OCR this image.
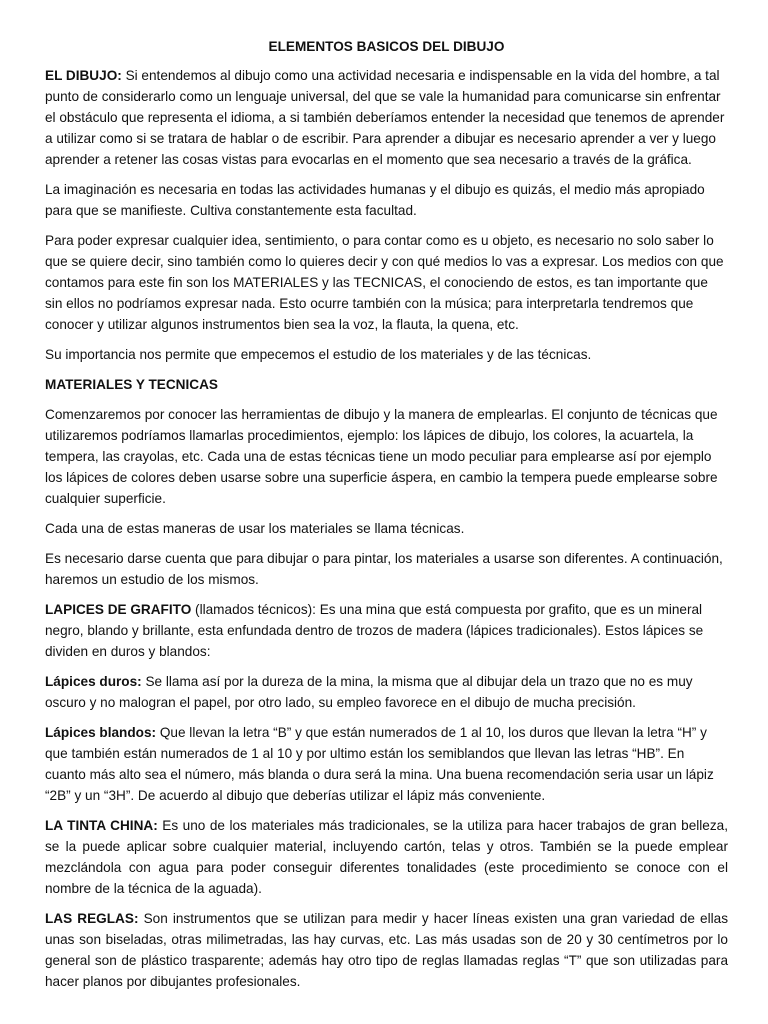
ELEMENTOS BASICOS DEL DIBUJO

EL DIBUJO: Si entendemos al dibujo como una actividad necesaria e indispensable en la vida del hombre, a tal punto de considerarlo como un lenguaje universal, del que se vale la humanidad para comunicarse sin enfrentar el obstáculo que representa el idioma, a si también deberíamos entender la necesidad que tenemos de aprender a utilizar como si se tratara de hablar o de escribir. Para aprender a dibujar es necesario aprender a ver y luego aprender a retener las cosas vistas para evocarlas en el momento que sea necesario a través de la gráfica.

La imaginación es necesaria en todas las actividades humanas y el dibujo es quizás, el medio más apropiado para que se manifieste. Cultiva constantemente esta facultad.

Para poder expresar cualquier idea, sentimiento, o para contar como es u objeto, es necesario no solo saber lo que se quiere decir, sino también como lo quieres decir y con qué medios lo vas a expresar. Los medios con que contamos para este fin son los MATERIALES y las TECNICAS, el conociendo de estos, es tan importante que sin ellos no podríamos expresar nada. Esto ocurre también con la música; para interpretarla tendremos que conocer y utilizar algunos instrumentos bien sea la voz, la flauta, la quena, etc.

Su importancia nos permite que empecemos el estudio de los materiales y de las técnicas.

MATERIALES Y TECNICAS

Comenzaremos por conocer las herramientas de dibujo y la manera de emplearlas. El conjunto de técnicas que utilizaremos podríamos llamarlas procedimientos, ejemplo: los lápices de dibujo, los colores, la acuartela, la tempera, las crayolas, etc. Cada una de estas técnicas tiene un modo peculiar para emplearse así por ejemplo los lápices de colores deben usarse sobre una superficie áspera, en cambio la tempera puede emplearse sobre cualquier superficie.

Cada una de estas maneras de usar los materiales se llama técnicas.

Es necesario darse cuenta que para dibujar o para pintar, los materiales a usarse son diferentes. A continuación, haremos un estudio de los mismos.

LAPICES DE GRAFITO (llamados técnicos): Es una mina que está compuesta por grafito, que es un mineral negro, blando y brillante, esta enfundada dentro de trozos de madera (lápices tradicionales). Estos lápices se dividen en duros y blandos:

Lápices duros: Se llama así por la dureza de la mina, la misma que al dibujar dela un trazo que no es muy oscuro y no malogran el papel, por otro lado, su empleo favorece en el dibujo de mucha precisión.

Lápices blandos: Que llevan la letra “B” y que están numerados de 1 al 10, los duros que llevan la letra “H” y que también están numerados de 1 al 10 y por ultimo están los semiblandos que llevan las letras “HB”. En cuanto más alto sea el número, más blanda o dura será la mina. Una buena recomendación seria usar un lápiz “2B” y un “3H”. De acuerdo al dibujo que deberías utilizar el lápiz más conveniente.

LA TINTA CHINA: Es uno de los materiales más tradicionales, se la utiliza para hacer trabajos de gran belleza, se la puede aplicar sobre cualquier material, incluyendo cartón, telas y otros. También se la puede emplear mezclándola con agua para poder conseguir diferentes tonalidades (este procedimiento se conoce con el nombre de la técnica de la aguada).

LAS REGLAS: Son instrumentos que se utilizan para medir y hacer líneas existen una gran variedad de ellas unas son biseladas, otras milimetradas, las hay curvas, etc. Las más usadas son de 20 y 30 centímetros por lo general son de plástico trasparente; además hay otro tipo de reglas llamadas reglas “T” que son utilizadas para hacer planos por dibujantes profesionales.
